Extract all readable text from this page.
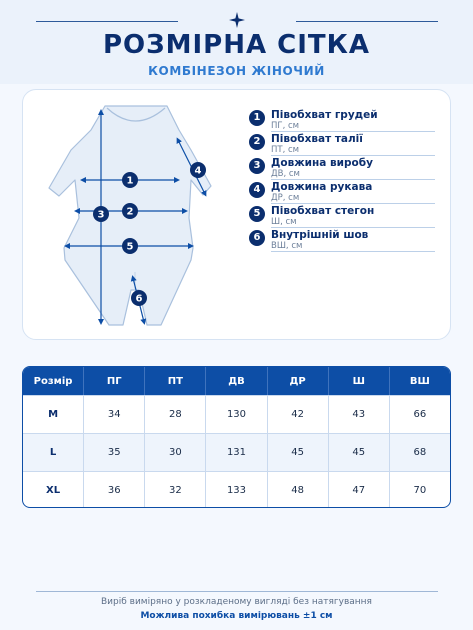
РОЗМІРНА СІТКА
КОМБІНЕЗОН ЖІНОЧИЙ
1
2
3
4
5
6
1	Півобхват грудей
ПГ, см
2	Півобхват талії
ПТ, см
3	Довжина виробу
ДВ, см
4	Довжина рукава
ДР, см
5	Півобхват стегон
Ш, см
6	Внутрішній шов
ВШ, см
Розмір	ПГ	ПТ	ДВ	ДР	Ш	ВШ
M	34	28	130	42	43	66
L	35	30	131	45	45	68
XL	36	32	133	48	47	70
Виріб виміряно у розкладеному вигляді без натягування
Можлива похибка вимірювань ±1 см
